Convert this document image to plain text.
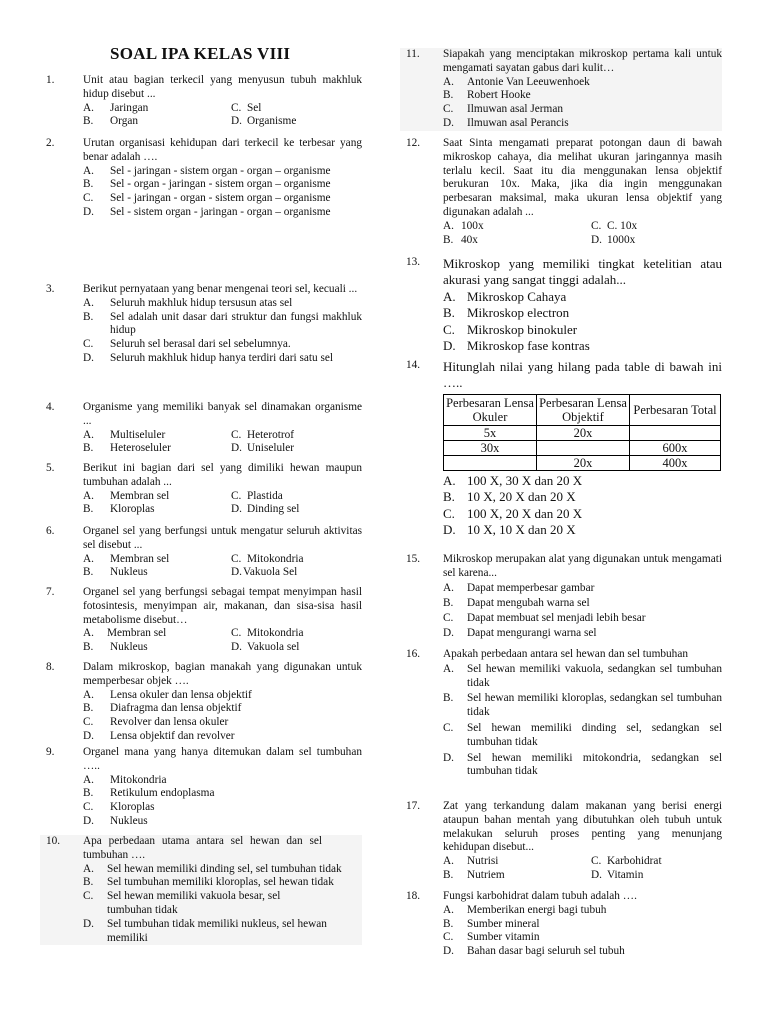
SOAL IPA KELAS VIII
1.	Unit atau bagian terkecil yang menyusun tubuh makhluk hidup disebut ...
A.	Jaringan	C. Sel
B.	Organ	D. Organisme
2.	Urutan organisasi kehidupan dari terkecil ke terbesar yang benar adalah ….
A.	Sel - jaringan - sistem organ - organ – organisme
B.	Sel - organ - jaringan - sistem organ – organisme
C.	Sel - jaringan - organ - sistem organ – organisme
D.	Sel - sistem organ - jaringan - organ – organisme
3.	Berikut pernyataan yang benar mengenai teori sel, kecuali ...
A.	Seluruh makhluk hidup tersusun atas sel
B.	Sel adalah unit dasar dari struktur dan fungsi makhluk hidup
C.	Seluruh sel berasal dari sel sebelumnya.
D.	Seluruh makhluk hidup hanya terdiri dari satu sel
4.	Organisme yang memiliki banyak sel dinamakan organisme ...
A.	Multiseluler	C. Heterotrof
B.	Heteroseluler	D. Uniseluler
5.	Berikut ini bagian dari sel yang dimiliki hewan maupun tumbuhan adalah ...
A.	Membran sel	C. Plastida
B.	Kloroplas	D. Dinding sel
6.	Organel sel yang berfungsi untuk mengatur seluruh aktivitas sel disebut ...
A.	Membran sel	C. Mitokondria
B.	Nukleus	D. Vakuola Sel
7.	Organel sel yang berfungsi sebagai tempat menyimpan hasil fotosintesis, menyimpan air, makanan, dan sisa-sisa hasil metabolisme disebut…
A.	Membran sel	C. Mitokondria
B.	Nukleus	D. Vakuola sel
8.	Dalam mikroskop, bagian manakah yang digunakan untuk memperbesar objek ….
A.	Lensa okuler dan lensa objektif
B.	Diafragma dan lensa objektif
C.	Revolver dan lensa okuler
D.	Lensa objektif dan revolver
9.	Organel mana yang hanya ditemukan dalam sel tumbuhan …..
A.	Mitokondria
B.	Retikulum endoplasma
C.	Kloroplas
D.	Nukleus
10. Apa perbedaan utama antara sel hewan dan sel tumbuhan ….
A.	Sel hewan memiliki dinding sel, sel tumbuhan tidak
B.	Sel tumbuhan memiliki kloroplas, sel hewan tidak
C.	Sel hewan memiliki vakuola besar, sel tumbuhan tidak
D.	Sel tumbuhan tidak memiliki nukleus, sel hewan memiliki
11. Siapakah yang menciptakan mikroskop pertama kali untuk mengamati sayatan gabus dari kulit…
A.	Antonie Van Leeuwenhoek
B.	Robert Hooke
C.	Ilmuwan asal Jerman
D.	Ilmuwan asal Perancis
12. Saat Sinta mengamati preparat potongan daun di bawah mikroskop cahaya, dia melihat ukuran jaringannya masih terlalu kecil. Saat itu dia menggunakan lensa objektif berukuran 10x. Maka, jika dia ingin menggunakan perbesaran maksimal, maka ukuran lensa objektif yang digunakan adalah ...
A. 100x	C. C. 10x
B. 40x	D. 1000x
13. Mikroskop yang memiliki tingkat ketelitian atau akurasi yang sangat tinggi adalah...
A. Mikroskop Cahaya
B. Mikroskop electron
C. Mikroskop binokuler
D. Mikroskop fase kontras
14. Hitunglah nilai yang hilang pada table di bawah ini …..
Perbesaran Lensa Okuler	Perbesaran Lensa Objektif	Perbesaran Total
5x	20x	
30x		600x
	20x	400x
A. 100 X, 30 X dan 20 X
B. 10 X, 20 X dan 20 X
C. 100 X, 20 X dan 20 X
D. 10 X, 10 X dan 20 X
15. Mikroskop merupakan alat yang digunakan untuk mengamati sel karena...
A.	Dapat memperbesar gambar
B.	Dapat mengubah warna sel
C.	Dapat membuat sel menjadi lebih besar
D.	Dapat mengurangi warna sel
16. Apakah perbedaan antara sel hewan dan sel tumbuhan
A.	Sel hewan memiliki vakuola, sedangkan sel tumbuhan tidak
B.	Sel hewan memiliki kloroplas, sedangkan sel tumbuhan tidak
C.	Sel hewan memiliki dinding sel, sedangkan sel tumbuhan tidak
D.	Sel hewan memiliki mitokondria, sedangkan sel tumbuhan tidak
17. Zat yang terkandung dalam makanan yang berisi energi ataupun bahan mentah yang dibutuhkan oleh tubuh untuk melakukan seluruh proses penting yang menunjang kehidupan disebut...
A.	Nutrisi	C. Karbohidrat
B.	Nutriem	D. Vitamin
18. Fungsi karbohidrat dalam tubuh adalah ….
A.	Memberikan energi bagi tubuh
B.	Sumber mineral
C.	Sumber vitamin
D.	Bahan dasar bagi seluruh sel tubuh
